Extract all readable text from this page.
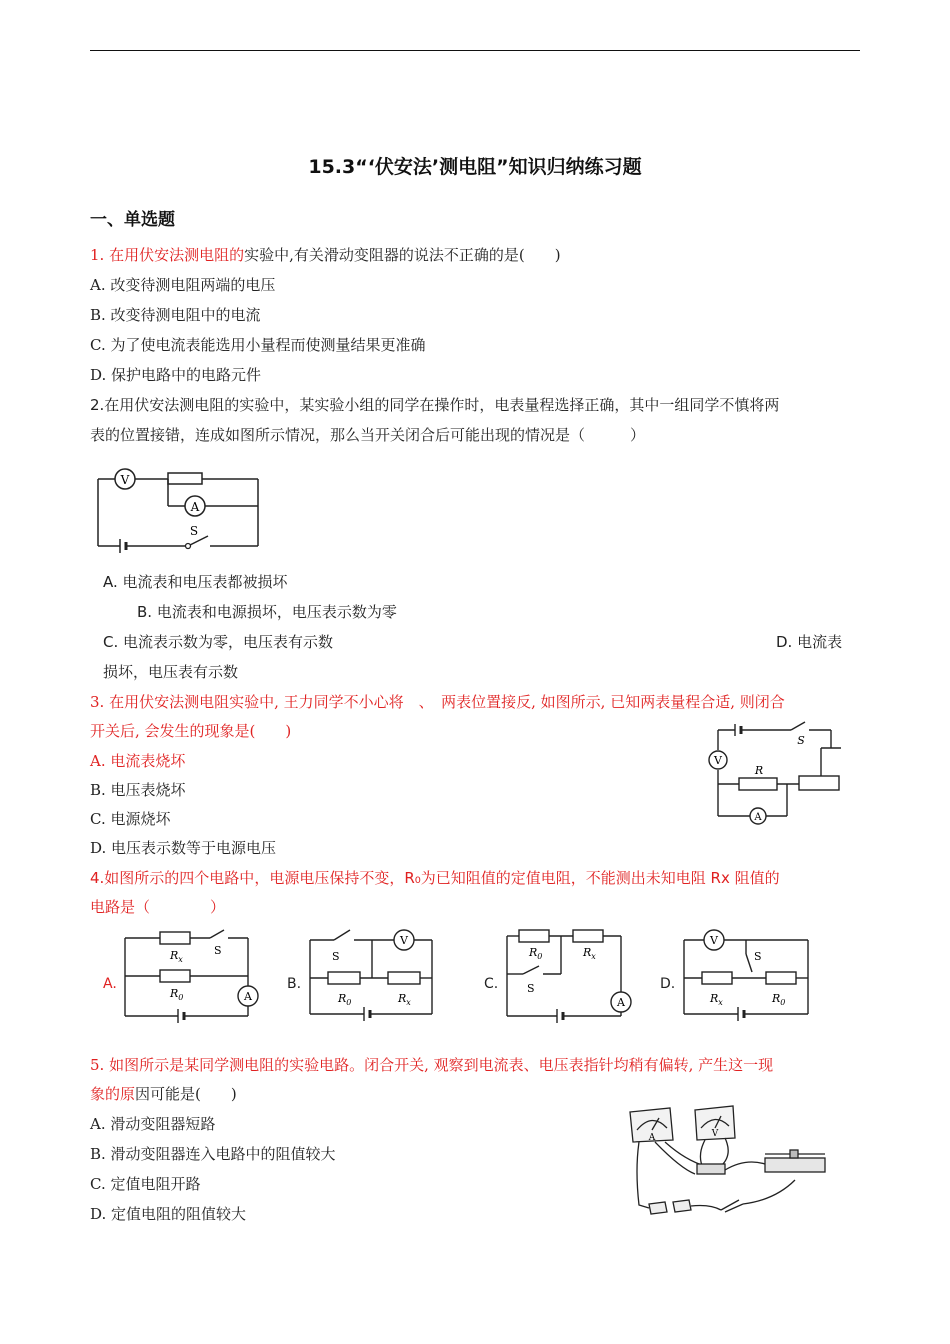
15.3“‘伏安法’测电阻”知识归纳练习题
一、单选题
1. 在用伏安法测电阻的实验中,有关滑动变阻器的说法不正确的是(　　)
A. 改变待测电阻两端的电压
B. 改变待测电阻中的电流
C. 为了使电流表能选用小量程而使测量结果更准确
D. 保护电路中的电路元件
2.在用伏安法测电阻的实验中，某实验小组的同学在操作时，电表量程选择正确，其中一组同学不慎将两
表的位置接错，连成如图所示情况，那么当开关闭合后可能出现的情况是（　　　）
V
A
S
A. 电流表和电压表都被损坏
B. 电流表和电源损坏，电压表示数为零
C. 电流表示数为零，电压表有示数	D. 电流表
损坏，电压表有示数
3. 在用伏安法测电阻实验中, 王力同学不小心将　、　两表位置接反, 如图所示, 已知两表量程合适, 则闭合
开关后, 会发生的现象是(　　)
A. 电流表烧坏
B. 电压表烧坏
C. 电源烧坏
D. 电压表示数等于电源电压
V
A
S
R
4.如图所示的四个电路中，电源电压保持不变，R₀为已知阻值的定值电阻，不能测出未知电阻 Rx 阻值的
电路是（　　　　）
A.	B.	C.	D.
A
$R_x$
S
$R_0$
V
S
$R_0$	$R_x$	A
$R_0$	$R_x$
S
V
S
$R_x$	$R_0$
5. 如图所示是某同学测电阻的实验电路。闭合开关, 观察到电流表、电压表指针均稍有偏转, 产生这一现
象的原因可能是(　　)
A. 滑动变阻器短路
B. 滑动变阻器连入电路中的阻值较大
C. 定值电阻开路
D. 定值电阻的阻值较大
A	V
